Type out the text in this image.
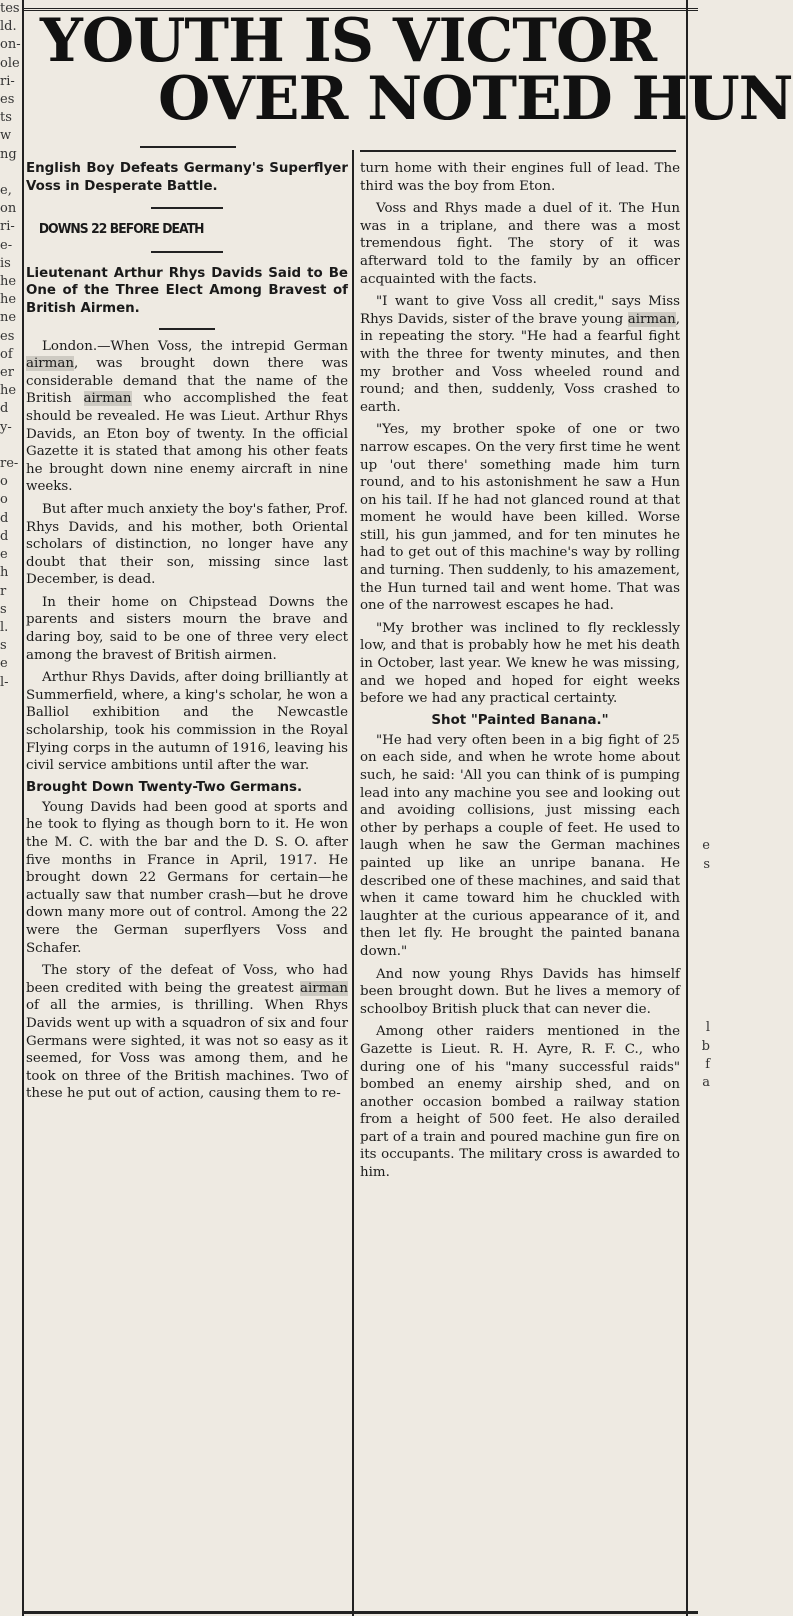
tes
ld.
on-
ole
ri-
es
ts
w
ng

e,
on
ri-
e-
is
he
he
ne
es
of
er
he
d
y-

re-
o
o
d
d
e
h
r
s
l.
s
e
l-

e
s

l
b
f
a

YOUTH IS VICTOR
OVER NOTED HUN

English Boy Defeats Germany's Superflyer Voss in Desperate Battle.

DOWNS 22 BEFORE DEATH

Lieutenant Arthur Rhys Davids Said to Be One of the Three Elect Among Bravest of British Airmen.

London.—When Voss, the intrepid German airman, was brought down there was considerable demand that the name of the British airman who accomplished the feat should be revealed. He was Lieut. Arthur Rhys Davids, an Eton boy of twenty. In the official Gazette it is stated that among his other feats he brought down nine enemy aircraft in nine weeks.

But after much anxiety the boy's father, Prof. Rhys Davids, and his mother, both Oriental scholars of distinction, no longer have any doubt that their son, missing since last December, is dead.

In their home on Chipstead Downs the parents and sisters mourn the brave and daring boy, said to be one of three very elect among the bravest of British airmen.

Arthur Rhys Davids, after doing brilliantly at Summerfield, where, a king's scholar, he won a Balliol exhibition and the Newcastle scholarship, took his commission in the Royal Flying corps in the autumn of 1916, leaving his civil service ambitions until after the war.

Brought Down Twenty-Two Germans.

Young Davids had been good at sports and he took to flying as though born to it. He won the M. C. with the bar and the D. S. O. after five months in France in April, 1917. He brought down 22 Germans for certain—he actually saw that number crash—but he drove down many more out of control. Among the 22 were the German superflyers Voss and Schafer.

The story of the defeat of Voss, who had been credited with being the greatest airman of all the armies, is thrilling. When Rhys Davids went up with a squadron of six and four Germans were sighted, it was not so easy as it seemed, for Voss was among them, and he took on three of the British machines. Two of these he put out of action, causing them to re-

turn home with their engines full of lead. The third was the boy from Eton.

Voss and Rhys made a duel of it. The Hun was in a triplane, and there was a most tremendous fight. The story of it was afterward told to the family by an officer acquainted with the facts.

"I want to give Voss all credit," says Miss Rhys Davids, sister of the brave young airman, in repeating the story. "He had a fearful fight with the three for twenty minutes, and then my brother and Voss wheeled round and round; and then, suddenly, Voss crashed to earth.

"Yes, my brother spoke of one or two narrow escapes. On the very first time he went up 'out there' something made him turn round, and to his astonishment he saw a Hun on his tail. If he had not glanced round at that moment he would have been killed. Worse still, his gun jammed, and for ten minutes he had to get out of this machine's way by rolling and turning. Then suddenly, to his amazement, the Hun turned tail and went home. That was one of the narrowest escapes he had.

"My brother was inclined to fly recklessly low, and that is probably how he met his death in October, last year. We knew he was missing, and we hoped and hoped for eight weeks before we had any practical certainty.

Shot "Painted Banana."

"He had very often been in a big fight of 25 on each side, and when he wrote home about such, he said: 'All you can think of is pumping lead into any machine you see and looking out and avoiding collisions, just missing each other by perhaps a couple of feet. He used to laugh when he saw the German machines painted up like an unripe banana. He described one of these machines, and said that when it came toward him he chuckled with laughter at the curious appearance of it, and then let fly. He brought the painted banana down."

And now young Rhys Davids has himself been brought down. But he lives a memory of schoolboy British pluck that can never die.

Among other raiders mentioned in the Gazette is Lieut. R. H. Ayre, R. F. C., who during one of his "many successful raids" bombed an enemy airship shed, and on another occasion bombed a railway station from a height of 500 feet. He also derailed part of a train and poured machine gun fire on its occupants. The military cross is awarded to him.
